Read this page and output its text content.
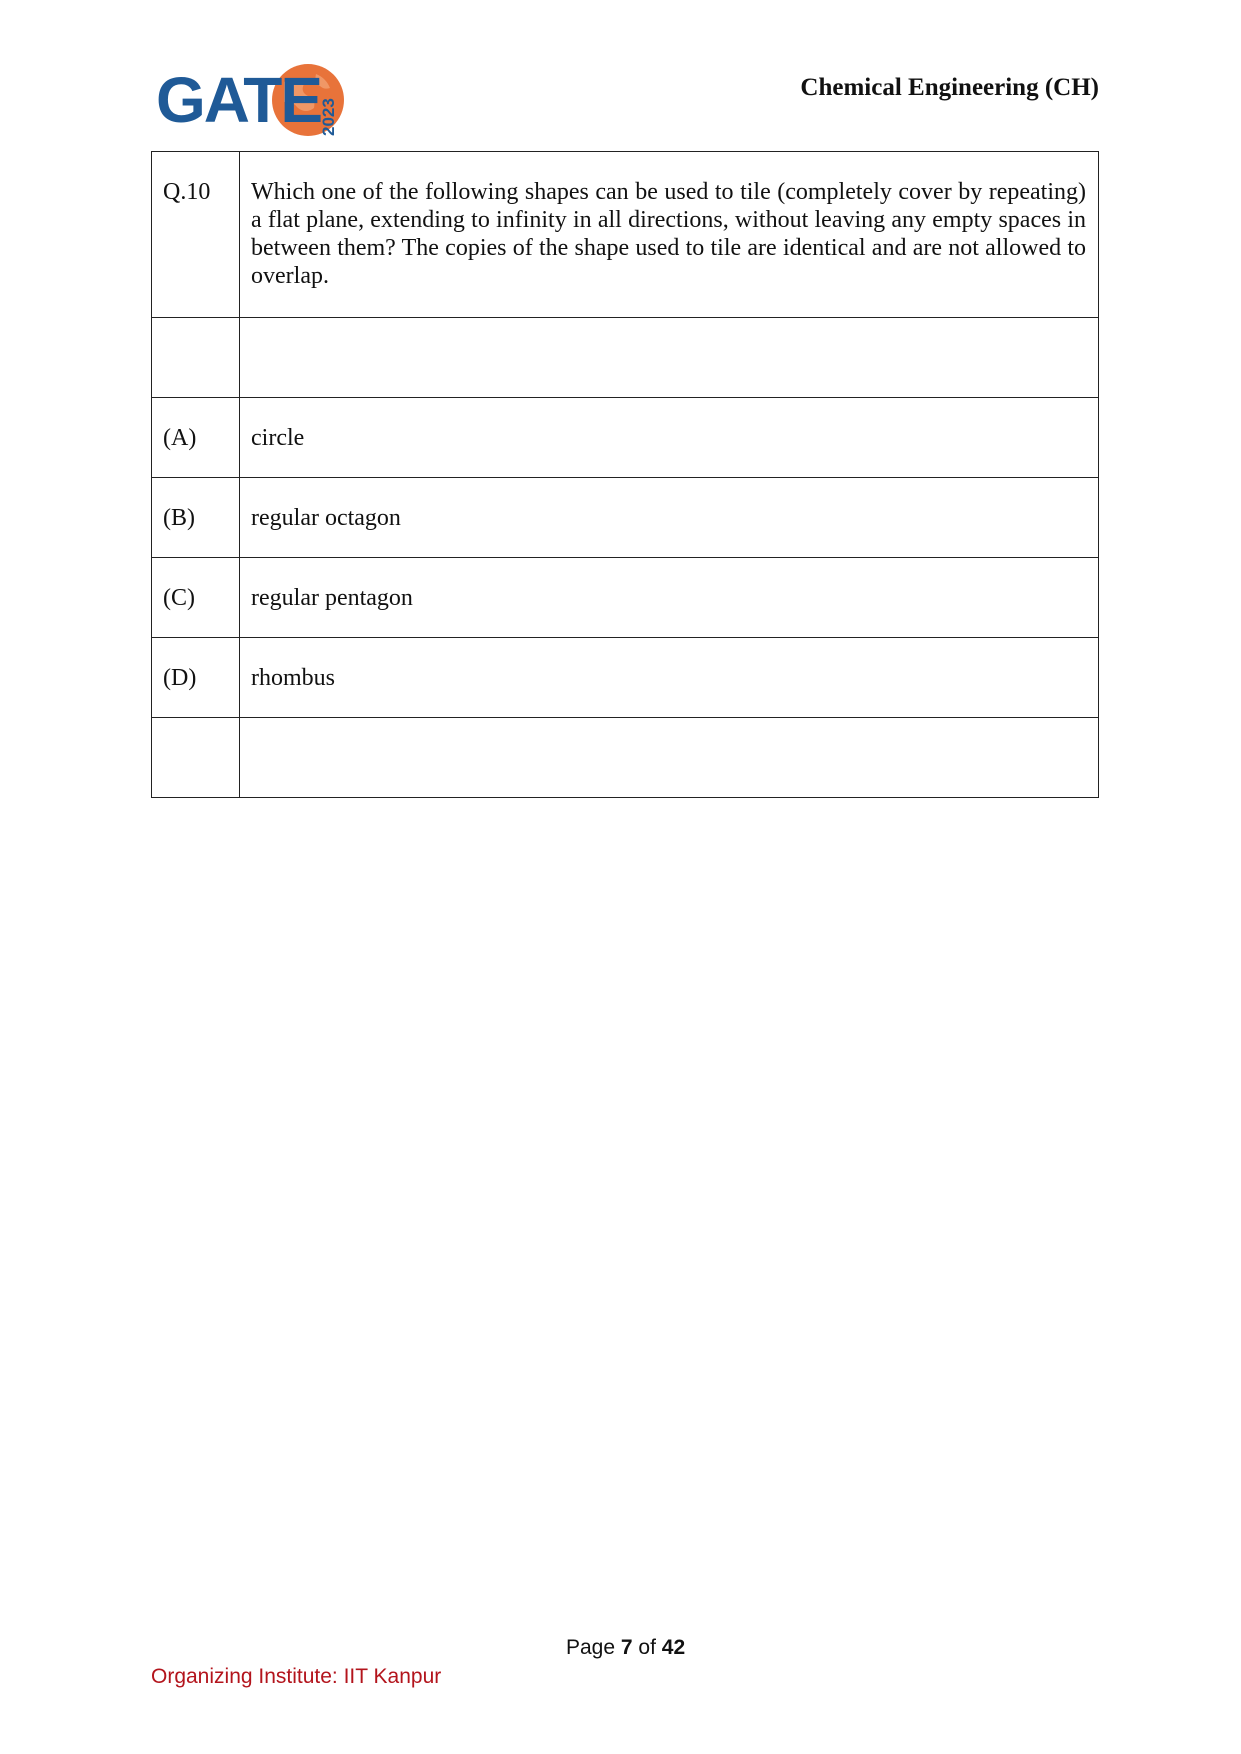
GATE
2023
Chemical Engineering (CH)
Q.10	Which one of the following shapes can be used to tile (completely cover by repeating) a flat plane, extending to infinity in all directions, without leaving any empty spaces in between them? The copies of the shape used to tile are identical and are not allowed to overlap.

(A)	circle
(B)	regular octagon
(C)	regular pentagon
(D)	rhombus

Page 7 of 42
Organizing Institute: IIT Kanpur
